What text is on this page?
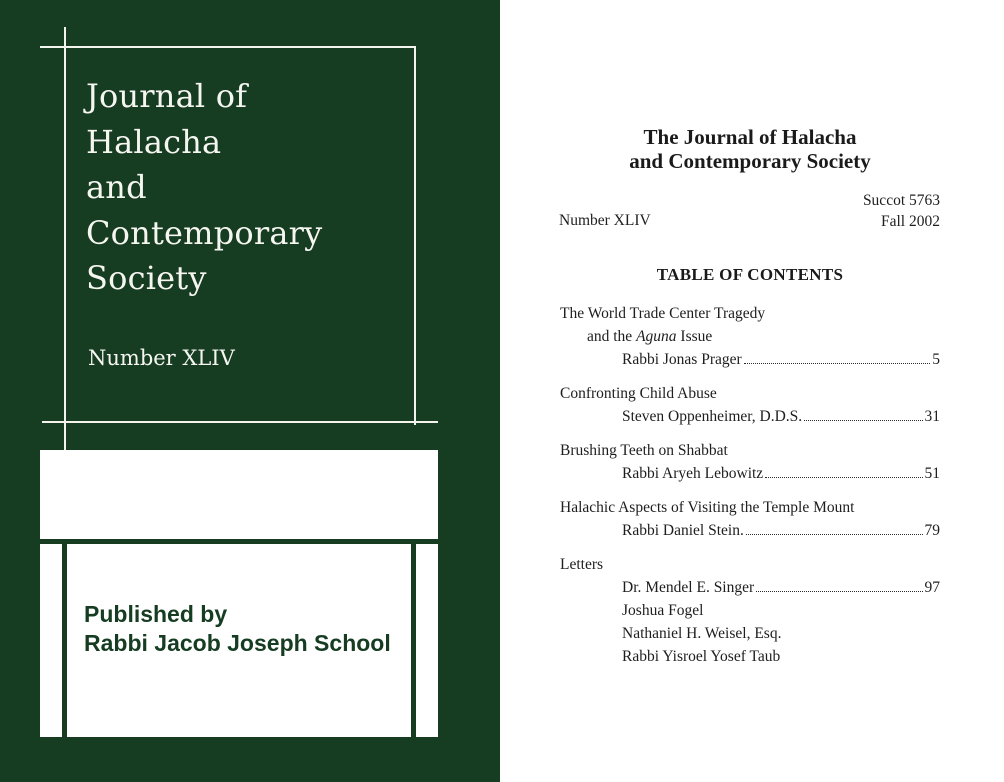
Journal of
Halacha
and
Contemporary
Society
Number XLIV
Published by
Rabbi Jacob Joseph School
The Journal of Halacha
and Contemporary Society
Number XLIV
Succot 5763
Fall 2002
TABLE OF CONTENTS
The World Trade Center Tragedy
and the Aguna Issue
Rabbi Jonas Prager	5
Confronting Child Abuse
Steven Oppenheimer, D.D.S.	31
Brushing Teeth on Shabbat
Rabbi Aryeh Lebowitz	51
Halachic Aspects of Visiting the Temple Mount
Rabbi Daniel Stein.	79
Letters
Dr. Mendel E. Singer	97
Joshua Fogel
Nathaniel H. Weisel, Esq.
Rabbi Yisroel Yosef Taub
